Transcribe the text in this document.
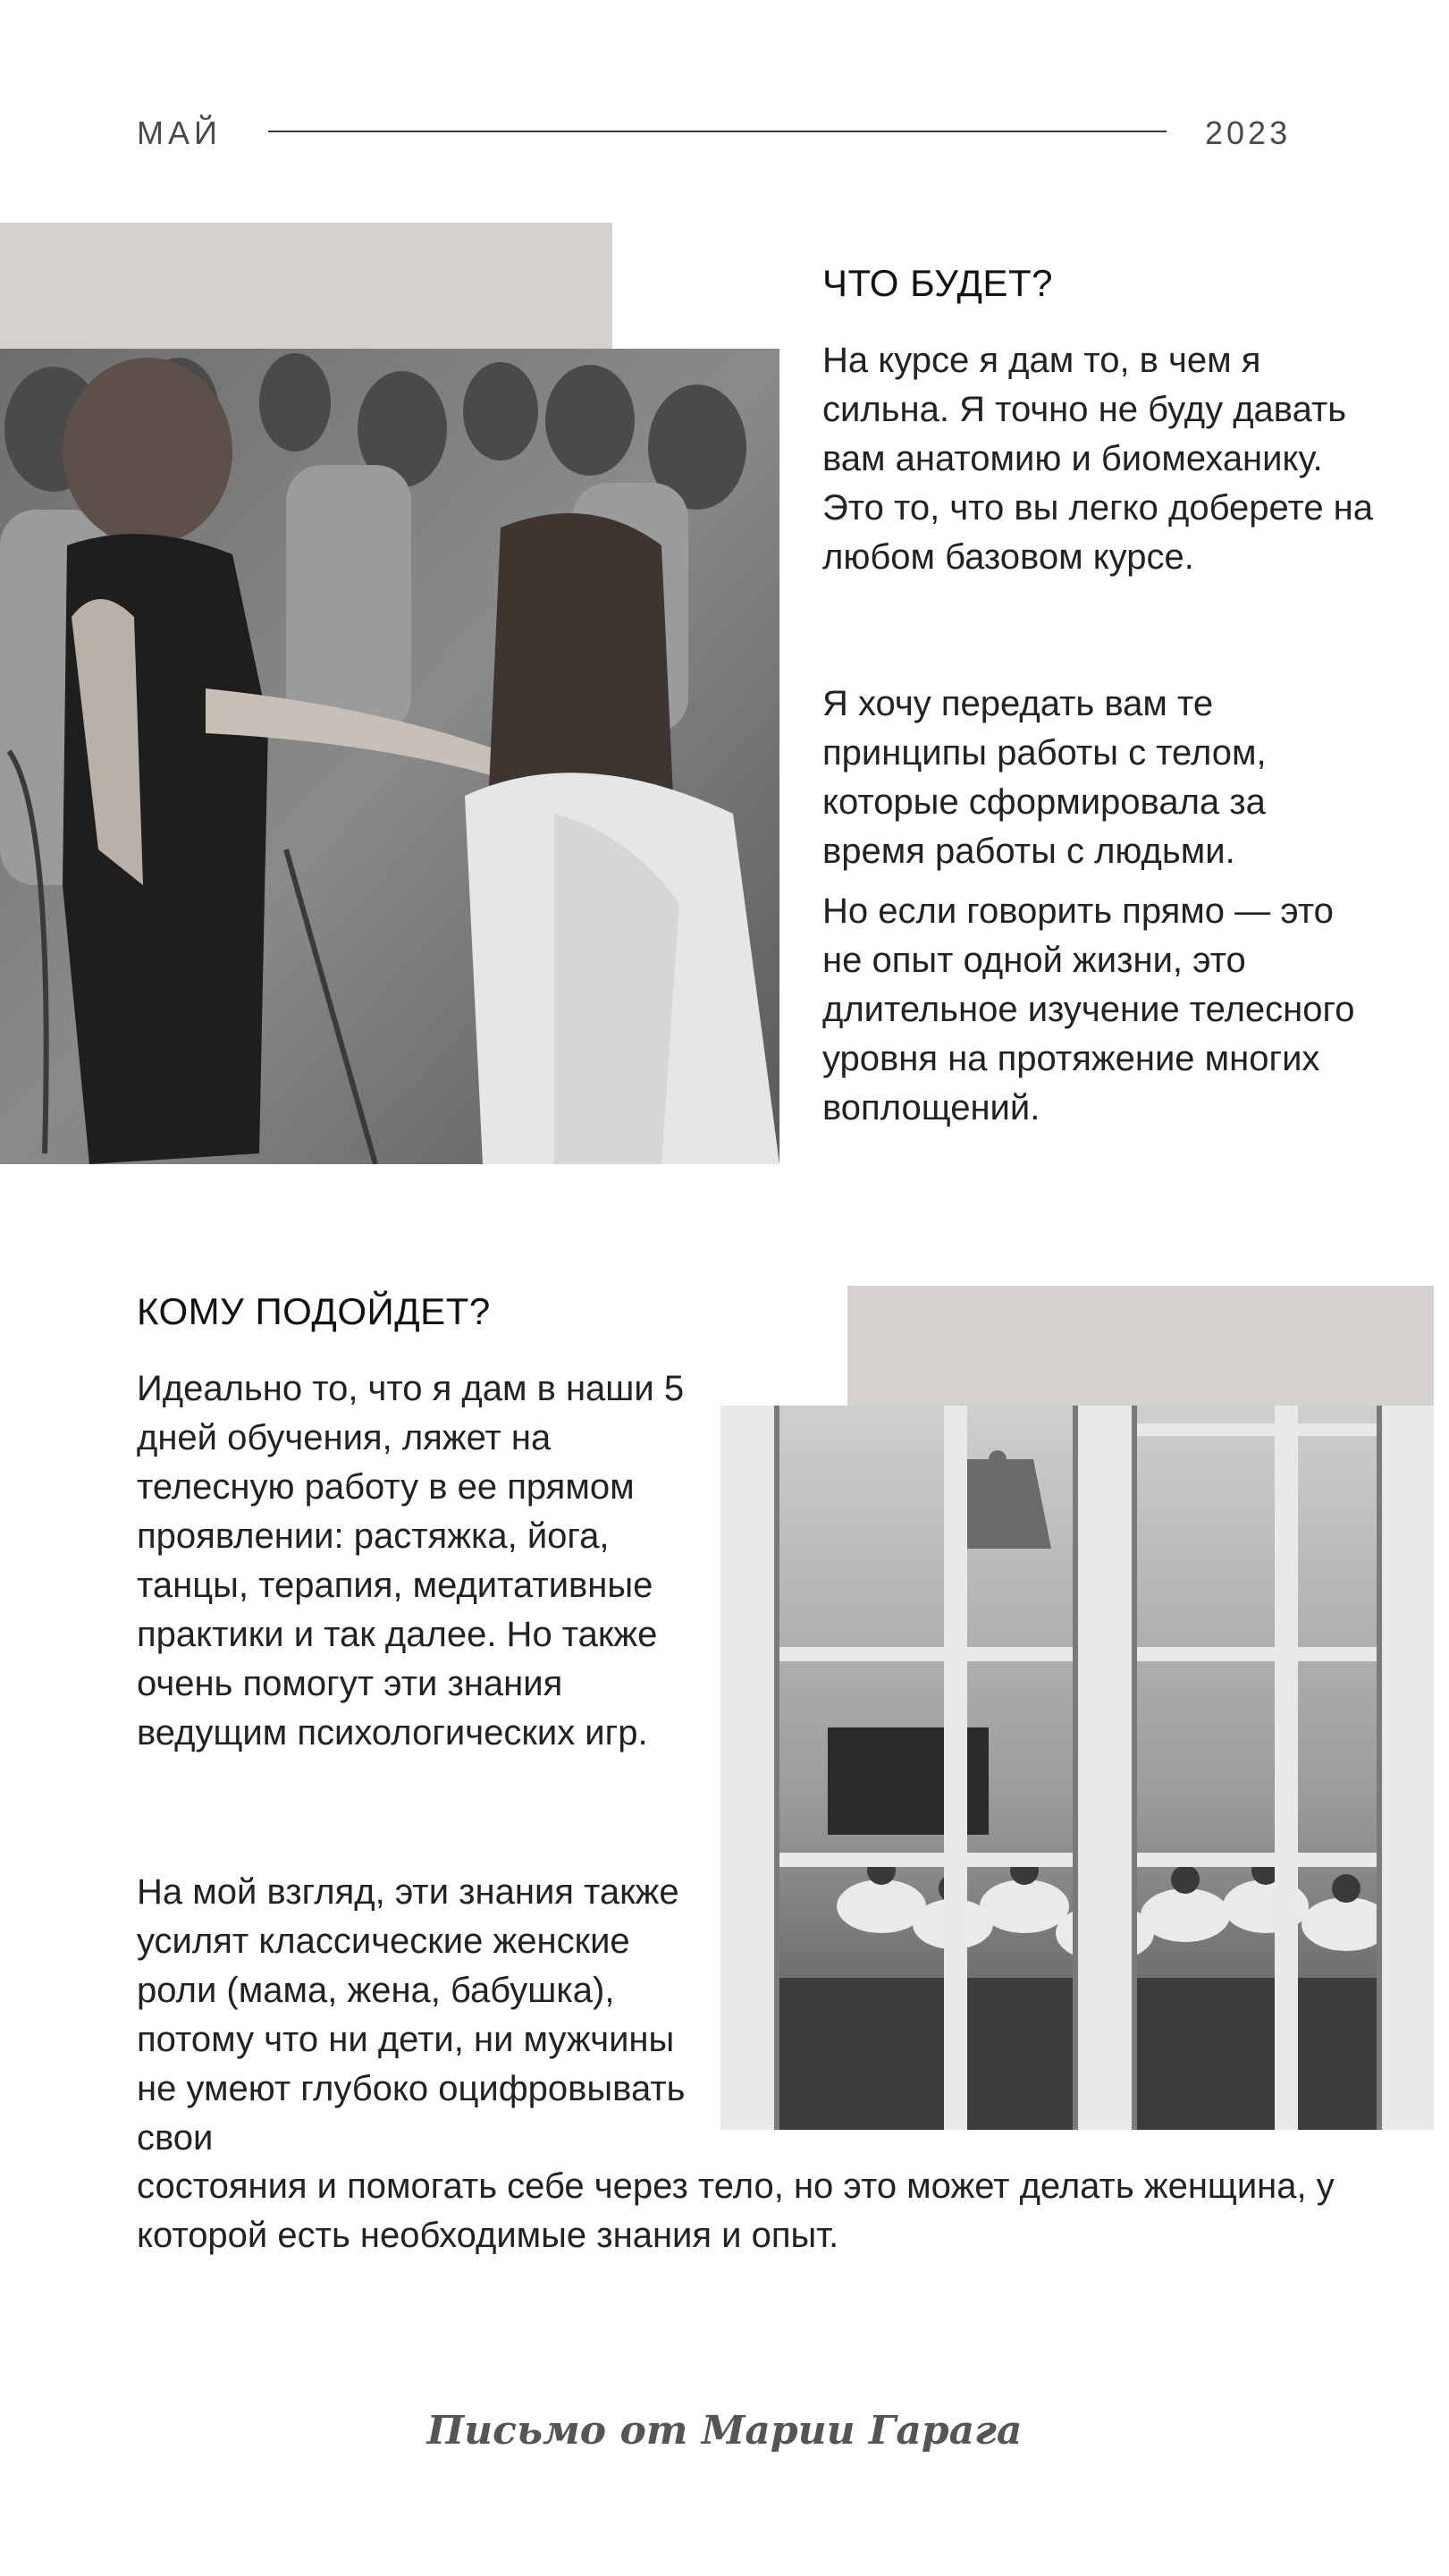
МАЙ	2023
ЧТО БУДЕТ?

На курсе я дам то, в чем я сильна. Я точно не буду давать вам анатомию и биомеханику. Это то, что вы легко доберете на любом базовом курсе.

Я хочу передать вам те принципы работы с телом, которые сформировала за время работы с людьми.

Но если говорить прямо — это не опыт одной жизни, это длительное изучение телесного уровня на протяжение многих воплощений.

КОМУ ПОДОЙДЕТ?

Идеально то, что я дам в наши 5 дней обучения, ляжет на телесную работу в ее прямом проявлении: растяжка, йога, танцы, терапия, медитативные практики и так далее. Но также очень помогут эти знания ведущим психологических игр.

На мой взгляд, эти знания также усилят классические женские роли (мама, жена, бабушка), потому что ни дети, ни мужчины не умеют глубоко оцифровывать свои

состояния и помогать себе через тело, но это может делать женщина, у которой есть необходимые знания и опыт.

Письмо от Марии Гарага
